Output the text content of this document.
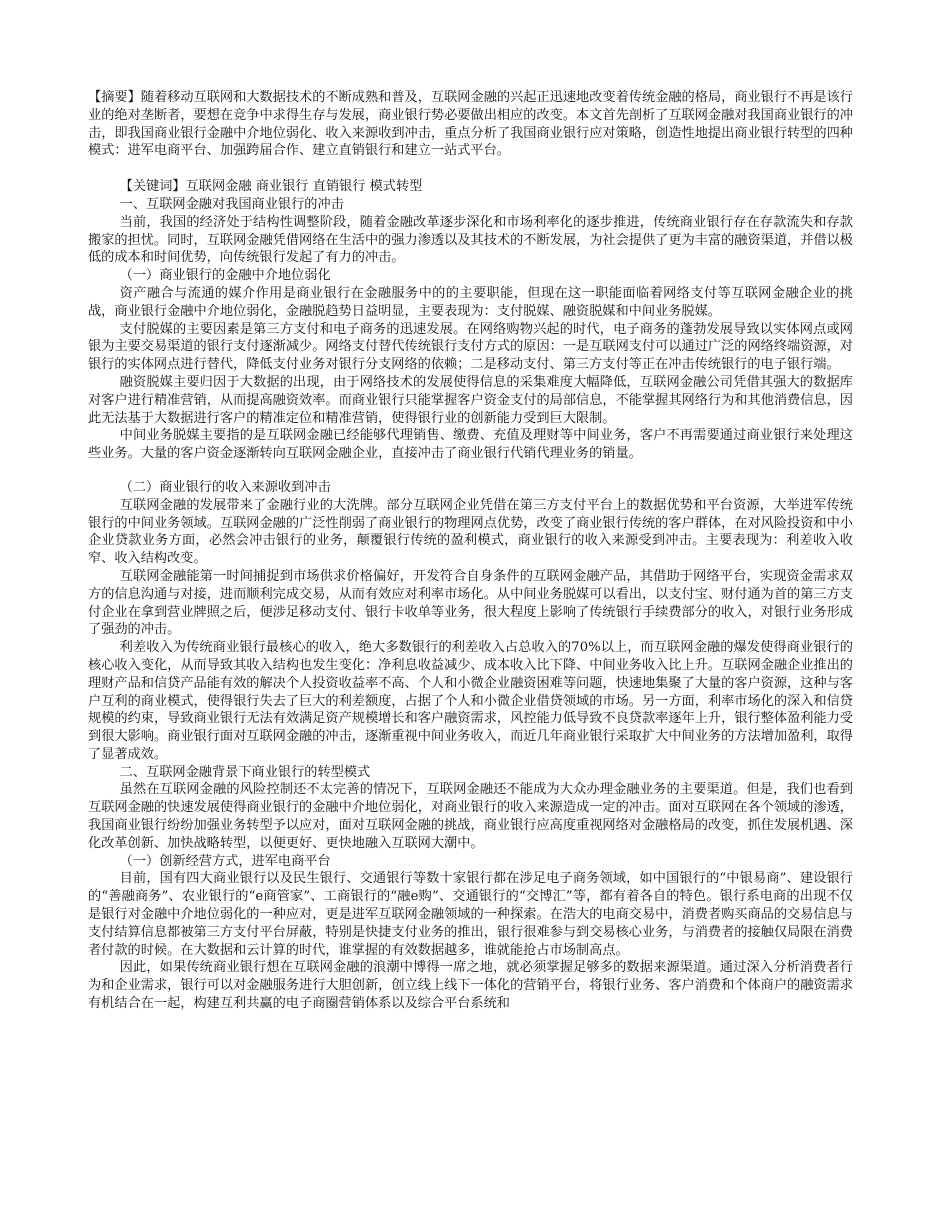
【摘要】随着移动互联网和大数据技术的不断成熟和普及，互联网金融的兴起正迅速地改变着传统金融的格局，商业银行不再是该行业的绝对垄断者，要想在竞争中求得生存与发展，商业银行势必要做出相应的改变。本文首先剖析了互联网金融对我国商业银行的冲击，即我国商业银行金融中介地位弱化、收入来源收到冲击，重点分析了我国商业银行应对策略，创造性地提出商业银行转型的四种模式：进军电商平台、加强跨届合作、建立直销银行和建立一站式平台。

【关键词】互联网金融 商业银行 直销银行 模式转型

一、互联网金融对我国商业银行的冲击

当前，我国的经济处于结构性调整阶段，随着金融改革逐步深化和市场利率化的逐步推进，传统商业银行存在存款流失和存款搬家的担忧。同时，互联网金融凭借网络在生活中的强力渗透以及其技术的不断发展，为社会提供了更为丰富的融资渠道，并借以极低的成本和时间优势，向传统银行发起了有力的冲击。

（一）商业银行的金融中介地位弱化

资产融合与流通的媒介作用是商业银行在金融服务中的的主要职能，但现在这一职能面临着网络支付等互联网金融企业的挑战，商业银行金融中介地位弱化，金融脱趋势日益明显，主要表现为：支付脱媒、融资脱媒和中间业务脱媒。

支付脱媒的主要因素是第三方支付和电子商务的迅速发展。在网络购物兴起的时代，电子商务的蓬勃发展导致以实体网点或网银为主要交易渠道的银行支付逐渐减少。网络支付替代传统银行支付方式的原因：一是互联网支付可以通过广泛的网络终端资源，对银行的实体网点进行替代，降低支付业务对银行分支网络的依赖；二是移动支付、第三方支付等正在冲击传统银行的电子银行端。

融资脱媒主要归因于大数据的出现，由于网络技术的发展使得信息的采集难度大幅降低，互联网金融公司凭借其强大的数据库对客户进行精准营销，从而提高融资效率。而商业银行只能掌握客户资金支付的局部信息，不能掌握其网络行为和其他消费信息，因此无法基于大数据进行客户的精准定位和精准营销，使得银行业的创新能力受到巨大限制。

中间业务脱媒主要指的是互联网金融已经能够代理销售、缴费、充值及理财等中间业务，客户不再需要通过商业银行来处理这些业务。大量的客户资金逐渐转向互联网金融企业，直接冲击了商业银行代销代理业务的销量。

（二）商业银行的收入来源收到冲击

互联网金融的发展带来了金融行业的大洗牌。部分互联网企业凭借在第三方支付平台上的数据优势和平台资源，大举进军传统银行的中间业务领域。互联网金融的广泛性削弱了商业银行的物理网点优势，改变了商业银行传统的客户群体，在对风险投资和中小企业贷款业务方面，必然会冲击银行的业务，颠覆银行传统的盈利模式，商业银行的收入来源受到冲击。主要表现为：利差收入收窄、收入结构改变。

互联网金融能第一时间捕捉到市场供求价格偏好，开发符合自身条件的互联网金融产品，其借助于网络平台，实现资金需求双方的信息沟通与对接，进而顺利完成交易，从而有效应对利率市场化。从中间业务脱媒可以看出，以支付宝、财付通为首的第三方支付企业在拿到营业牌照之后，便涉足移动支付、银行卡收单等业务，很大程度上影响了传统银行手续费部分的收入，对银行业务形成了强劲的冲击。

利差收入为传统商业银行最核心的收入，绝大多数银行的利差收入占总收入的70%以上，而互联网金融的爆发使得商业银行的核心收入变化，从而导致其收入结构也发生变化：净利息收益减少、成本收入比下降、中间业务收入比上升。互联网金融企业推出的理财产品和信贷产品能有效的解决个人投资收益率不高、个人和小微企业融资困难等问题，快速地集聚了大量的客户资源，这种与客户互利的商业模式，使得银行失去了巨大的利差额度，占据了个人和小微企业借贷领域的市场。另一方面，利率市场化的深入和信贷规模的约束，导致商业银行无法有效满足资产规模增长和客户融资需求，风控能力低导致不良贷款率逐年上升，银行整体盈利能力受到很大影响。商业银行面对互联网金融的冲击，逐渐重视中间业务收入，而近几年商业银行采取扩大中间业务的方法增加盈利，取得了显著成效。

二、互联网金融背景下商业银行的转型模式

虽然在互联网金融的风险控制还不太完善的情况下，互联网金融还不能成为大众办理金融业务的主要渠道。但是，我们也看到互联网金融的快速发展使得商业银行的金融中介地位弱化，对商业银行的收入来源造成一定的冲击。面对互联网在各个领域的渗透，我国商业银行纷纷加强业务转型予以应对，面对互联网金融的挑战，商业银行应高度重视网络对金融格局的改变，抓住发展机遇、深化改革创新、加快战略转型，以便更好、更快地融入互联网大潮中。

（一）创新经营方式，进军电商平台

目前，国有四大商业银行以及民生银行、交通银行等数十家银行都在涉足电子商务领域，如中国银行的“中银易商”、建设银行的“善融商务”、农业银行的“e商管家”、工商银行的“融e购”、交通银行的“交博汇”等，都有着各自的特色。银行系电商的出现不仅是银行对金融中介地位弱化的一种应对，更是进军互联网金融领域的一种探索。在浩大的电商交易中，消费者购买商品的交易信息与支付结算信息都被第三方支付平台屏蔽，特别是快捷支付业务的推出，银行很难参与到交易核心业务，与消费者的接触仅局限在消费者付款的时候。在大数据和云计算的时代，谁掌握的有效数据越多，谁就能抢占市场制高点。

因此，如果传统商业银行想在互联网金融的浪潮中博得一席之地，就必须掌握足够多的数据来源渠道。通过深入分析消费者行为和企业需求，银行可以对金融服务进行大胆创新，创立线上线下一体化的营销平台，将银行业务、客户消费和个体商户的融资需求有机结合在一起，构建互利共赢的电子商圈营销体系以及综合平台系统和
